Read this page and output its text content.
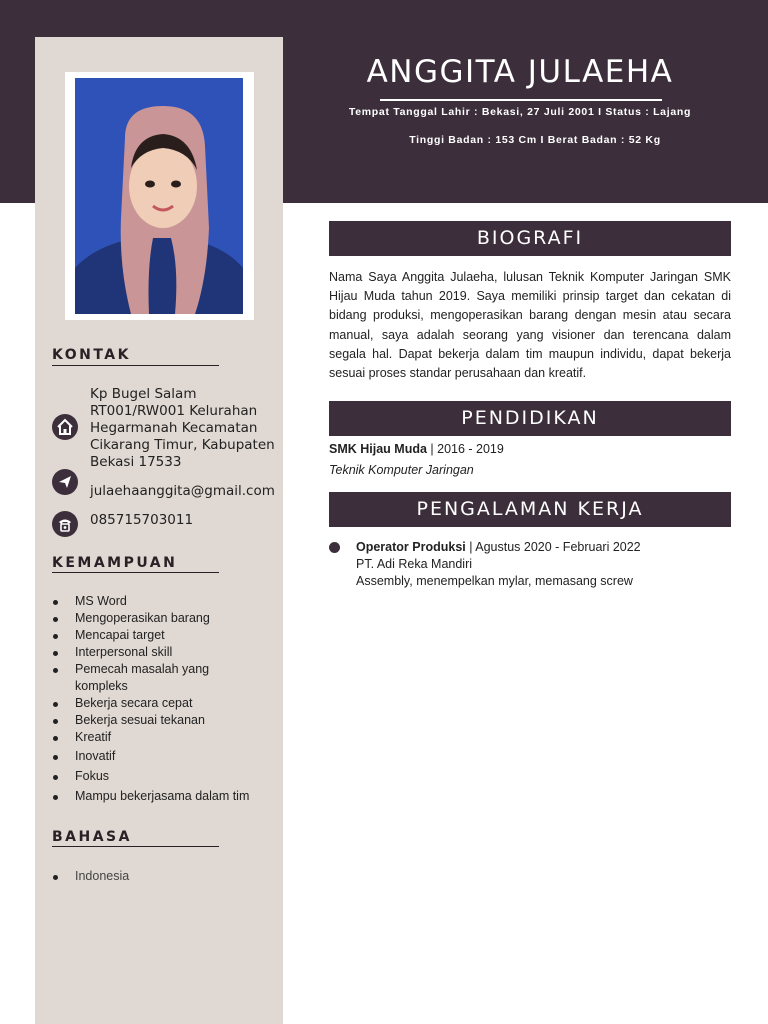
ANGGITA JULAEHA
Tempat Tanggal Lahir : Bekasi, 27 Juli 2001 I Status : Lajang
Tinggi Badan : 153 Cm I Berat Badan : 52 Kg
KONTAK
Kp Bugel Salam
RT001/RW001 Kelurahan
Hegarmanah Kecamatan
Cikarang Timur, Kabupaten
Bekasi 17533
julaehaanggita@gmail.com
085715703011
KEMAMPUAN
MS Word
Mengoperasikan barang
Mencapai target
Interpersonal skill
Pemecah masalah yang
kompleks
Bekerja secara cepat
Bekerja sesuai tekanan
Kreatif
Inovatif
Fokus
Mampu bekerjasama dalam tim
BAHASA
Indonesia
BIOGRAFI
Nama Saya Anggita Julaeha, lulusan Teknik Komputer Jaringan SMK Hijau Muda tahun 2019. Saya memiliki prinsip target dan cekatan di bidang produksi, mengoperasikan barang dengan mesin atau secara manual, saya adalah seorang yang visioner dan terencana dalam segala hal. Dapat bekerja dalam tim maupun individu, dapat bekerja sesuai proses standar perusahaan dan kreatif.
PENDIDIKAN
SMK Hijau Muda | 2016 - 2019
Teknik Komputer Jaringan
PENGALAMAN KERJA
Operator Produksi | Agustus 2020 - Februari 2022
PT. Adi Reka Mandiri
Assembly, menempelkan mylar, memasang screw
